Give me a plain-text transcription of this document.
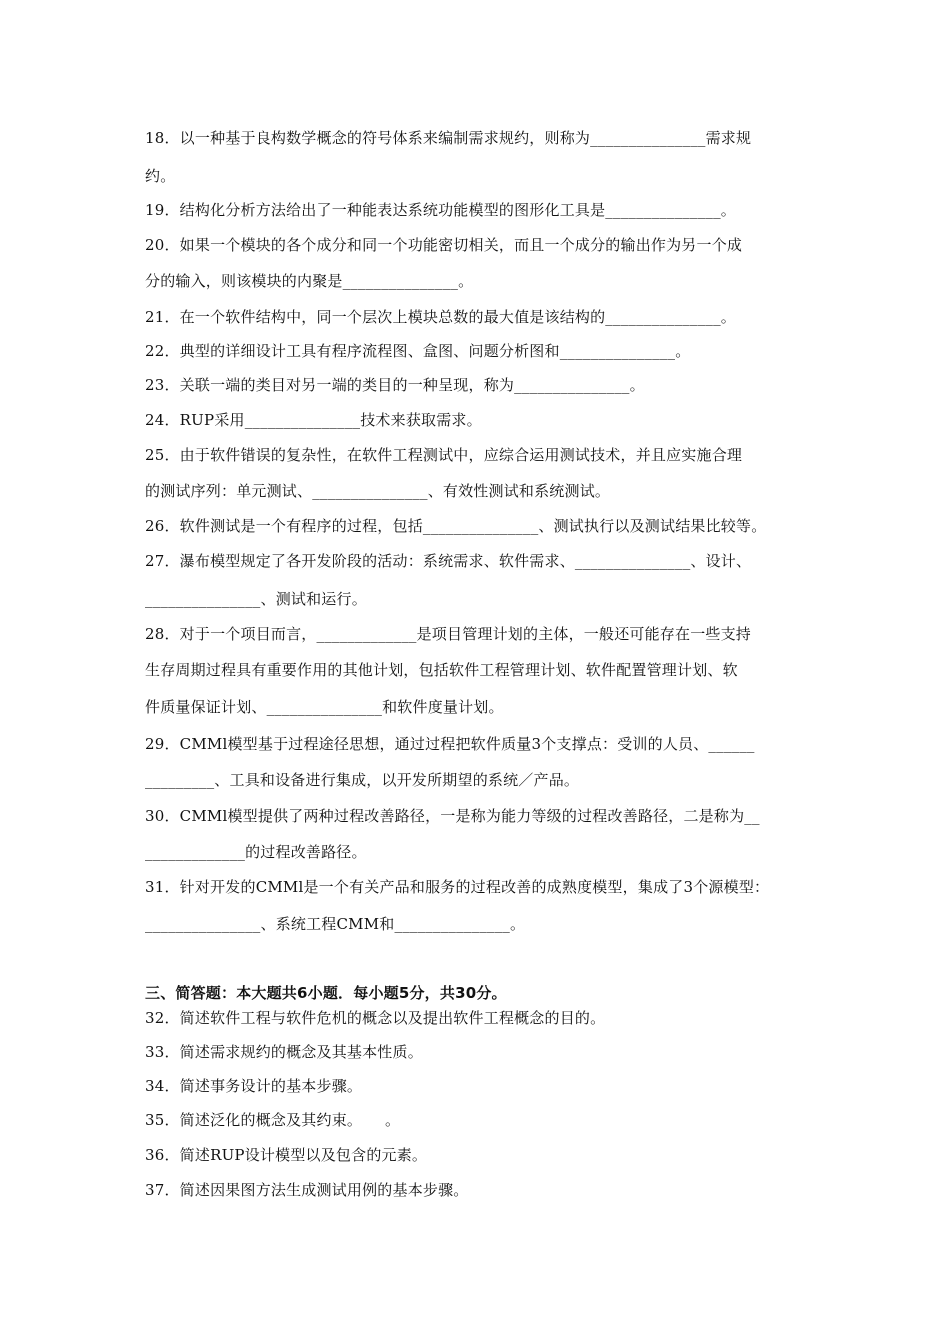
18．以一种基于良构数学概念的符号体系来编制需求规约，则称为_______________需求规
约。
19．结构化分析方法给出了一种能表达系统功能模型的图形化工具是_______________。
20．如果一个模块的各个成分和同一个功能密切相关，而且一个成分的输出作为另一个成
分的输入，则该模块的内聚是_______________。
21．在一个软件结构中，同一个层次上模块总数的最大值是该结构的_______________。
22．典型的详细设计工具有程序流程图、盒图、问题分析图和_______________。
23．关联一端的类目对另一端的类目的一种呈现，称为_______________。
24．RUP采用_______________技术来获取需求。
25．由于软件错误的复杂性，在软件工程测试中，应综合运用测试技术，并且应实施合理
的测试序列：单元测试、_______________、有效性测试和系统测试。
26．软件测试是一个有程序的过程，包括_______________、测试执行以及测试结果比较等。
27．瀑布模型规定了各开发阶段的活动：系统需求、软件需求、_______________、设计、
_______________、测试和运行。
28．对于一个项目而言，_____________是项目管理计划的主体，一般还可能存在一些支持
生存周期过程具有重要作用的其他计划，包括软件工程管理计划、软件配置管理计划、软
件质量保证计划、_______________和软件度量计划。
29．CMMl模型基于过程途径思想，通过过程把软件质量3个支撑点：受训的人员、______
_________、工具和设备进行集成，以开发所期望的系统／产品。
30．CMMl模型提供了两种过程改善路径，一是称为能力等级的过程改善路径，二是称为__
_____________的过程改善路径。
31．针对开发的CMMl是一个有关产品和服务的过程改善的成熟度模型，集成了3个源模型：
_______________、系统工程CMM和_______________。
三、简答题：本大题共6小题．每小题5分，共30分。
32．简述软件工程与软件危机的概念以及提出软件工程概念的目的。
33．简述需求规约的概念及其基本性质。
34．简述事务设计的基本步骤。
35．简述泛化的概念及其约束。　　。
36．简述RUP设计模型以及包含的元素。
37．简述因果图方法生成测试用例的基本步骤。
